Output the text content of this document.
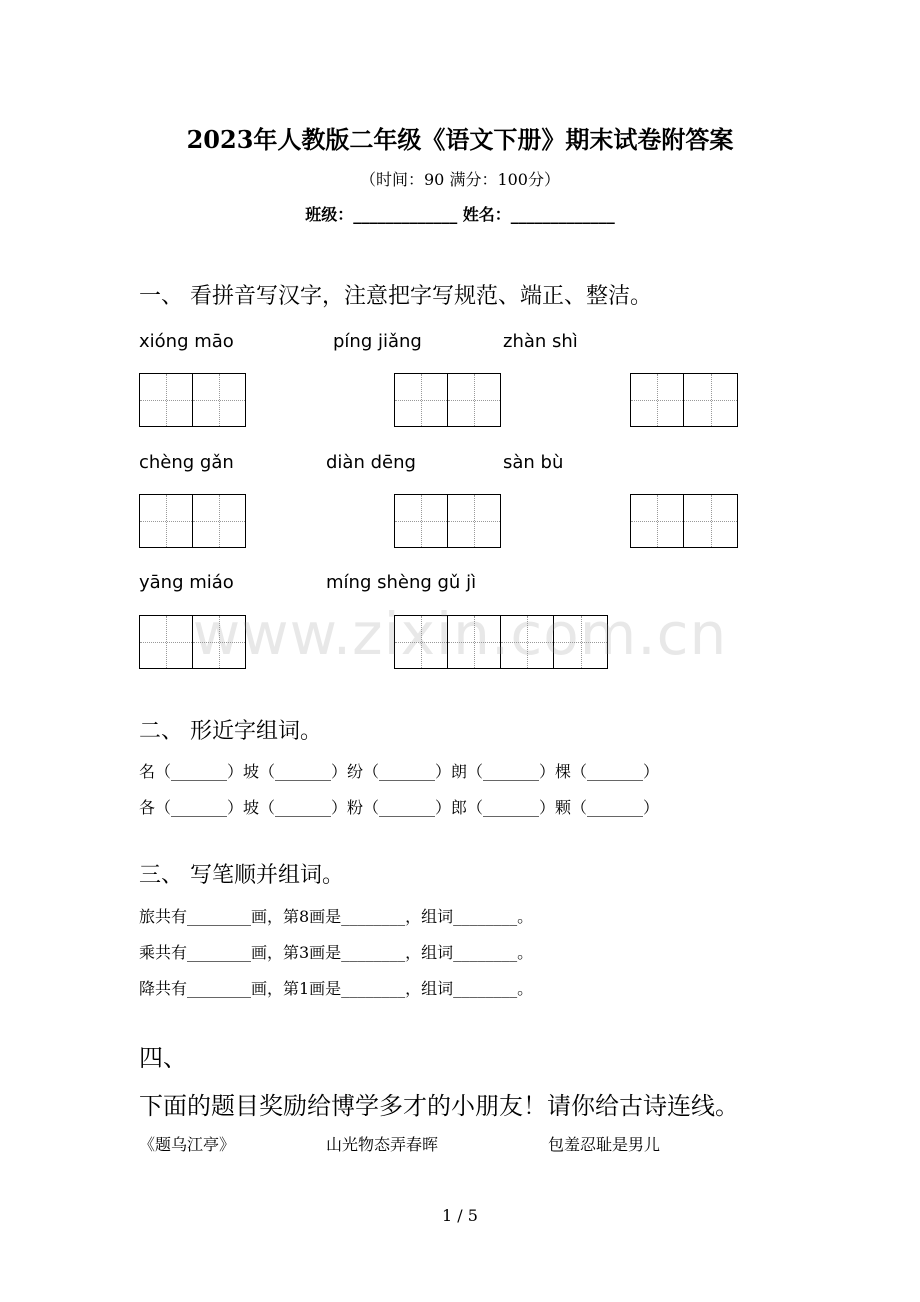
2023年人教版二年级《语文下册》期末试卷附答案
（时间：90 满分：100分）
班级：_____________ 姓名：_____________
一、 看拼音写汉字，注意把字写规范、端正、整洁。
xióng māo	píng jiǎng	zhàn shì
chèng gǎn	diàn dēng	sàn bù
yāng miáo	míng shèng gǔ jì
www.zixin.com.cn
二、 形近字组词。
名（_______）坡（_______）纷（_______）朗（_______）棵（_______）
各（_______）坡（_______）粉（_______）郎（_______）颗（_______）
三、 写笔顺并组词。
旅共有________画，第8画是________，组词________。
乘共有________画，第3画是________，组词________。
降共有________画，第1画是________，组词________。
四、
下面的题目奖励给博学多才的小朋友！请你给古诗连线。
《题乌江亭》	山光物态弄春晖	包羞忍耻是男儿
1 / 5
